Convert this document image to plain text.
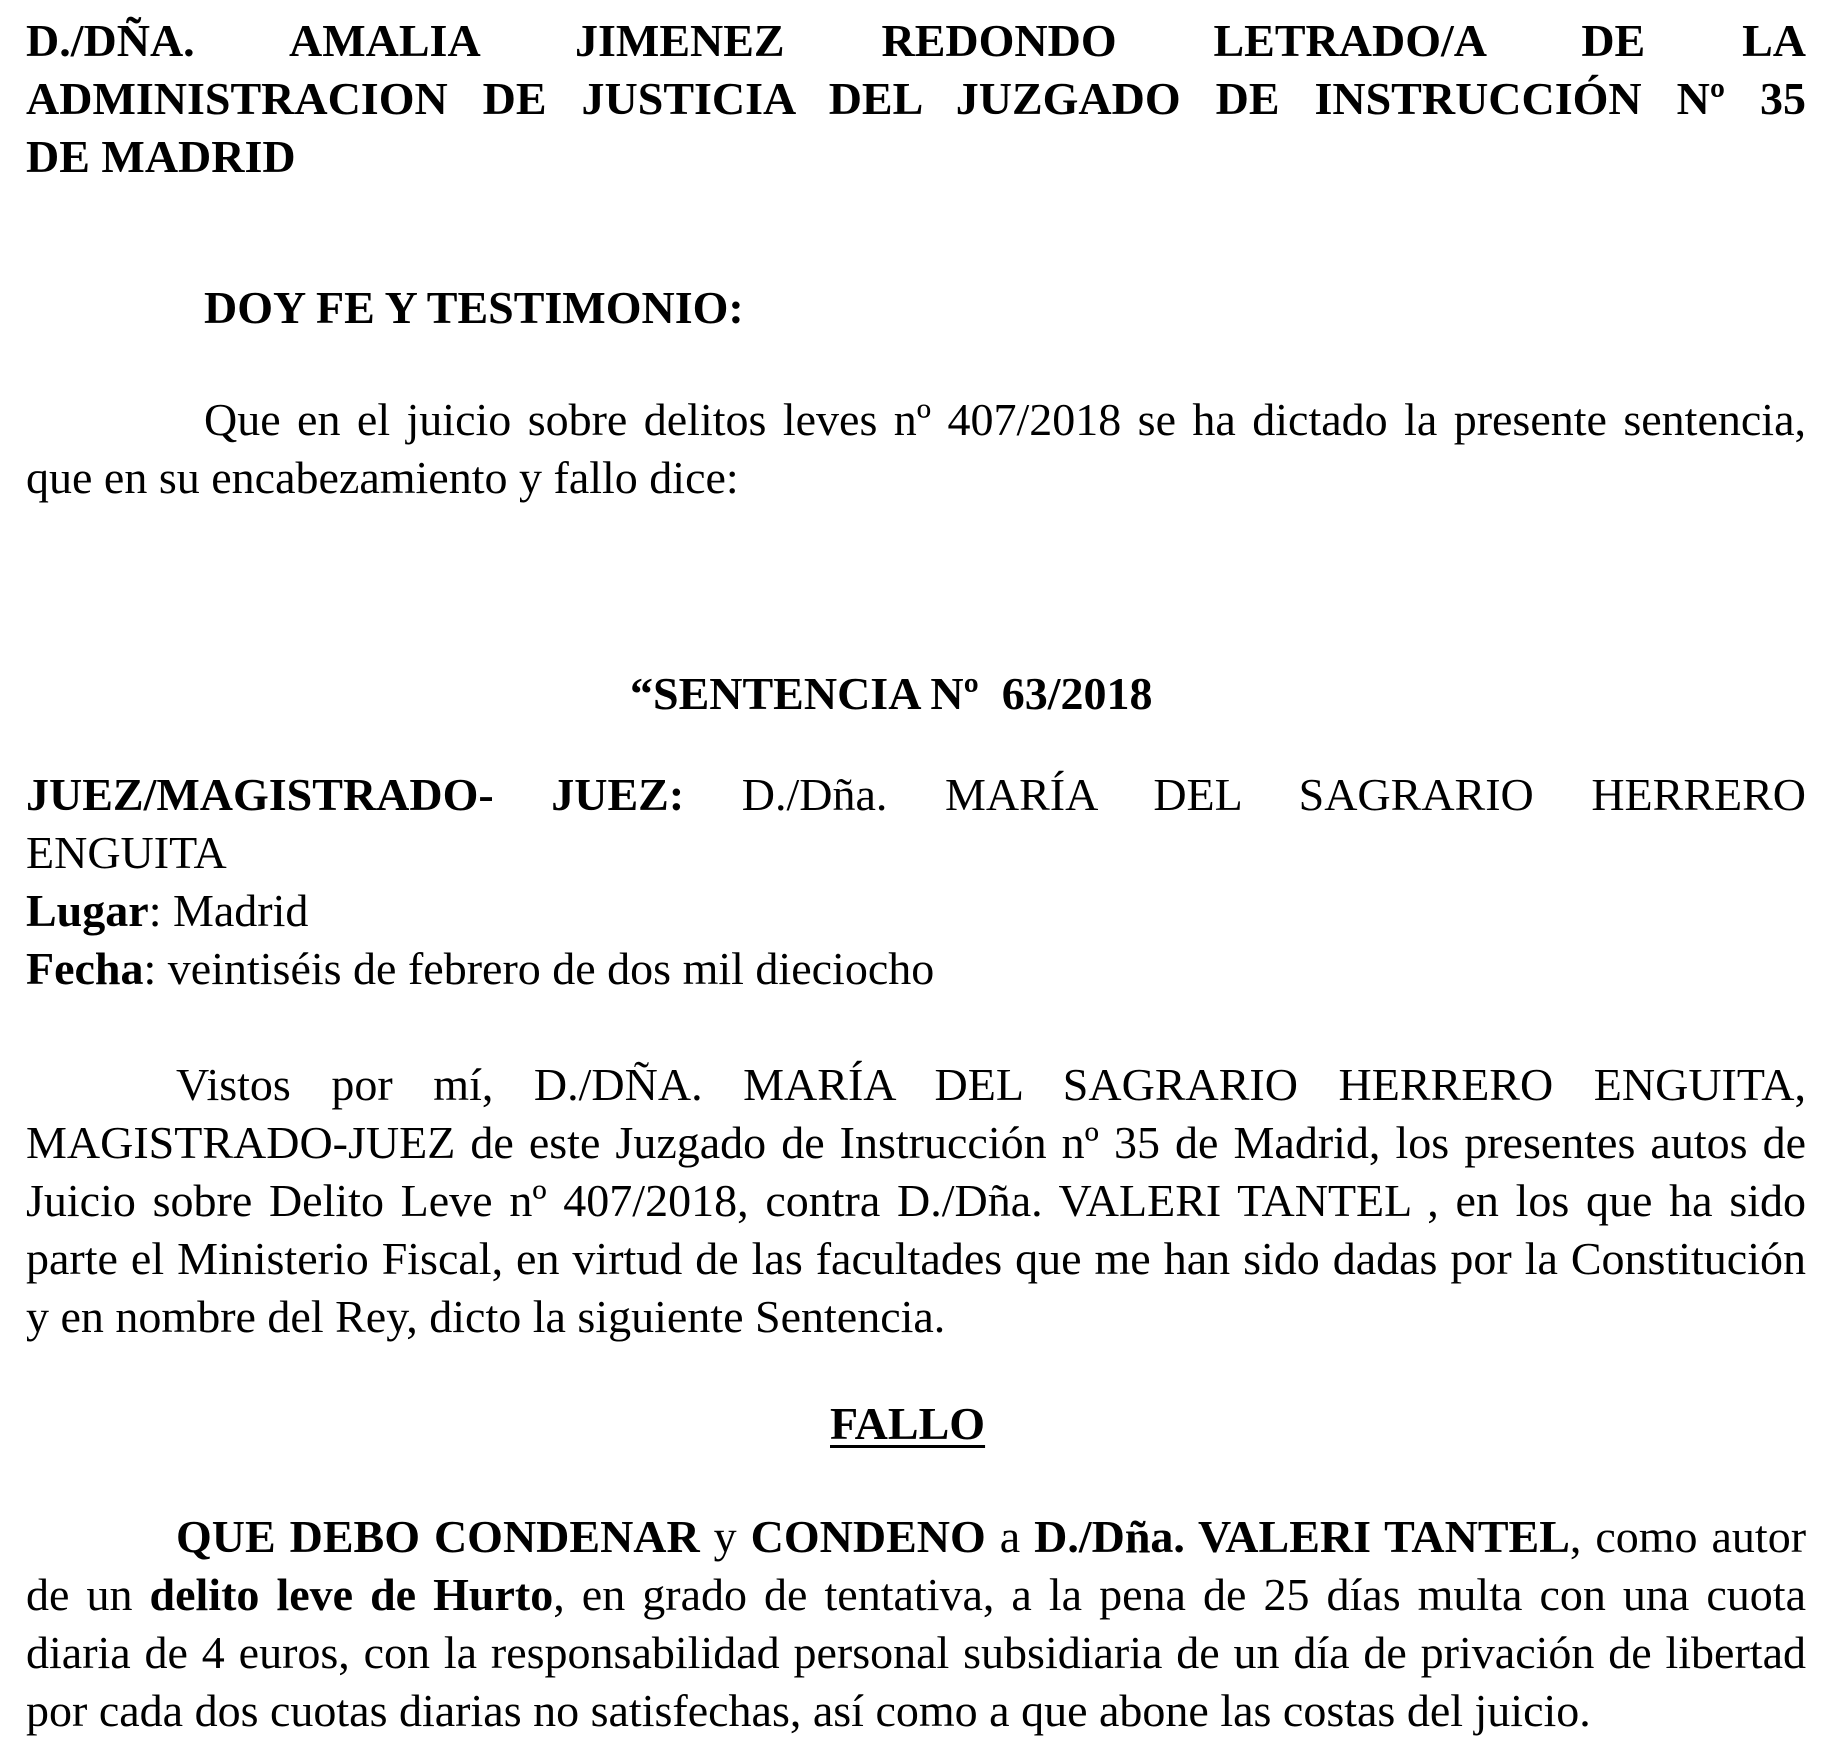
D./DÑA. AMALIA JIMENEZ REDONDO LETRADO/A DE LA
ADMINISTRACION DE JUSTICIA DEL JUZGADO DE INSTRUCCIÓN Nº 35
DE MADRID

DOY FE Y TESTIMONIO:

Que en el juicio sobre delitos leves nº 407/2018 se ha dictado la presente sentencia, que en su encabezamiento y fallo dice:

“SENTENCIA Nº  63/2018

JUEZ/MAGISTRADO- JUEZ: D./Dña. MARÍA DEL SAGRARIO HERRERO
ENGUITA
Lugar: Madrid
Fecha: veintiséis de febrero de dos mil dieciocho

Vistos por mí, D./DÑA. MARÍA DEL SAGRARIO HERRERO ENGUITA, MAGISTRADO-JUEZ de este Juzgado de Instrucción nº 35 de Madrid, los presentes autos de Juicio sobre Delito Leve nº 407/2018, contra D./Dña. VALERI TANTEL , en los que ha sido parte el Ministerio Fiscal, en virtud de las facultades que me han sido dadas por la Constitución y en nombre del Rey, dicto la siguiente Sentencia.

FALLO

QUE DEBO CONDENAR y CONDENO a D./Dña. VALERI TANTEL, como autor de un delito leve de Hurto, en grado de tentativa, a la pena de 25 días multa con una cuota diaria de 4 euros, con la responsabilidad personal subsidiaria de un día de privación de libertad por cada dos cuotas diarias no satisfechas, así como a que abone las costas del juicio.
